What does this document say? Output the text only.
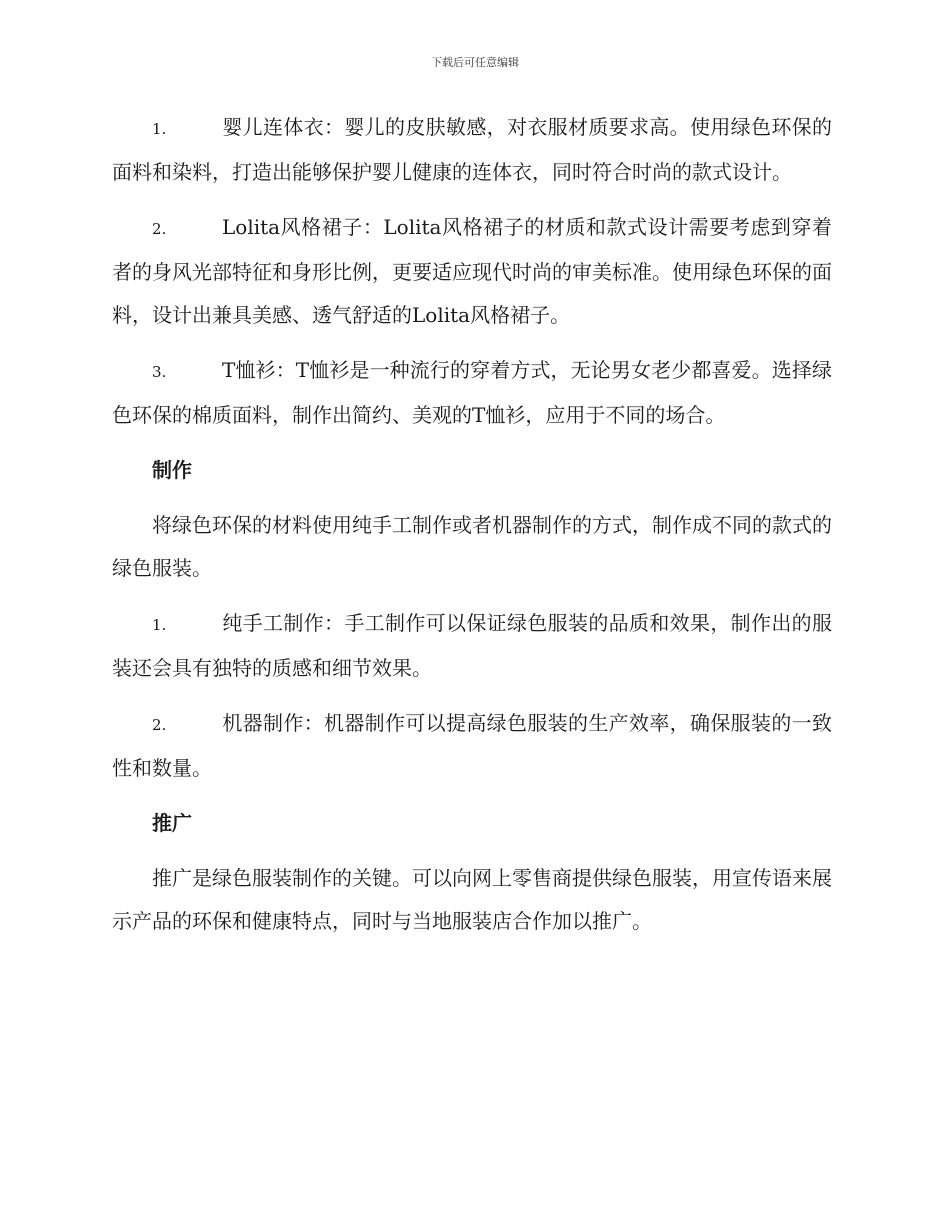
下载后可任意编辑

1.	婴儿连体衣：婴儿的皮肤敏感，对衣服材质要求高。使用绿色环保的面料和染料，打造出能够保护婴儿健康的连体衣，同时符合时尚的款式设计。

2.	Lolita风格裙子：Lolita风格裙子的材质和款式设计需要考虑到穿着者的身风光部特征和身形比例，更要适应现代时尚的审美标准。使用绿色环保的面料，设计出兼具美感、透气舒适的Lolita风格裙子。

3.	T恤衫：T恤衫是一种流行的穿着方式，无论男女老少都喜爱。选择绿色环保的棉质面料，制作出简约、美观的T恤衫，应用于不同的场合。

制作

将绿色环保的材料使用纯手工制作或者机器制作的方式，制作成不同的款式的绿色服装。

1.	纯手工制作：手工制作可以保证绿色服装的品质和效果，制作出的服装还会具有独特的质感和细节效果。

2.	机器制作：机器制作可以提高绿色服装的生产效率，确保服装的一致性和数量。

推广

推广是绿色服装制作的关键。可以向网上零售商提供绿色服装，用宣传语来展示产品的环保和健康特点，同时与当地服装店合作加以推广。
